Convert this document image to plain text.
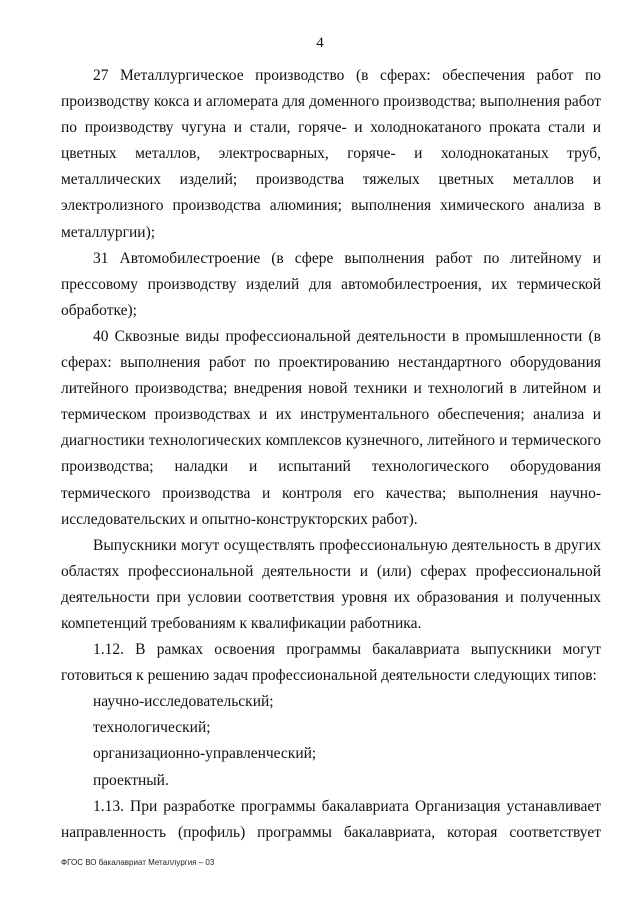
4

27 Металлургическое производство (в сферах: обеспечения работ по производству кокса и агломерата для доменного производства; выполнения работ по производству чугуна и стали, горяче- и холоднокатаного проката стали и цветных металлов, электросварных, горяче- и холоднокатаных труб, металлических изделий; производства тяжелых цветных металлов и электролизного производства алюминия; выполнения химического анализа в металлургии);

31 Автомобилестроение (в сфере выполнения работ по литейному и прессовому производству изделий для автомобилестроения, их термической обработке);

40 Сквозные виды профессиональной деятельности в промышленности (в сферах: выполнения работ по проектированию нестандартного оборудования литейного производства; внедрения новой техники и технологий в литейном и термическом производствах и их инструментального обеспечения; анализа и диагностики технологических комплексов кузнечного, литейного и термического производства; наладки и испытаний технологического оборудования термического производства и контроля его качества; выполнения научно-исследовательских и опытно-конструкторских работ).

Выпускники могут осуществлять профессиональную деятельность в других областях профессиональной деятельности и (или) сферах профессиональной деятельности при условии соответствия уровня их образования и полученных компетенций требованиям к квалификации работника.

1.12. В рамках освоения программы бакалавриата выпускники могут готовиться к решению задач профессиональной деятельности следующих типов:

научно-исследовательский;

технологический;

организационно-управленческий;

проектный.

1.13. При разработке программы бакалавриата Организация устанавливает направленность (профиль) программы бакалавриата, которая соответствует

ФГОС ВО бакалавриат Металлургия – 03
